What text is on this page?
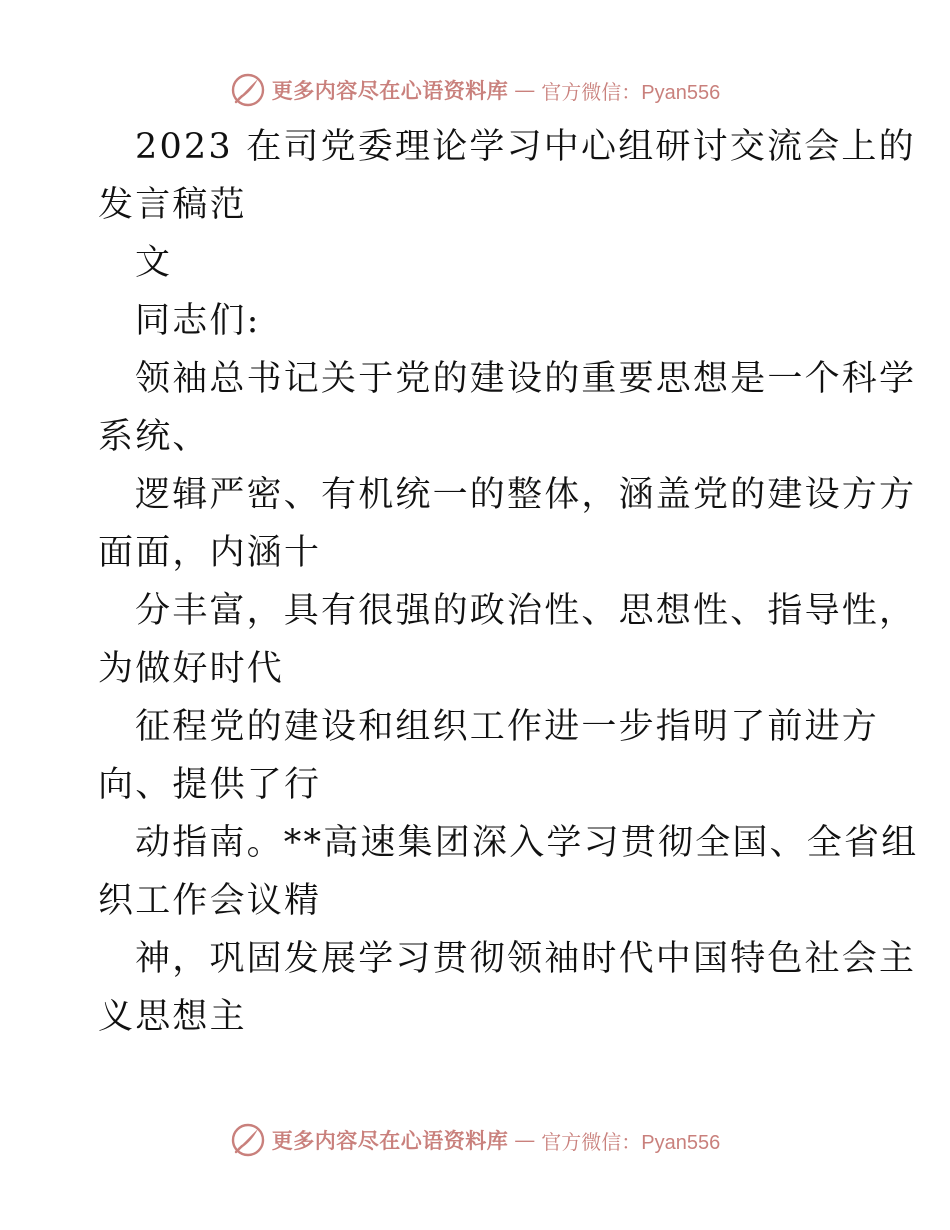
更多内容尽在心语资料库 — 官方微信：Pyan556
2023 在司党委理论学习中心组研讨交流会上的
发言稿范
文
同志们:
领袖总书记关于党的建设的重要思想是一个科学
系统、
逻辑严密、有机统一的整体，涵盖党的建设方方
面面，内涵十
分丰富，具有很强的政治性、思想性、指导性，
为做好时代
征程党的建设和组织工作进一步指明了前进方
向、提供了行
动指南。**高速集团深入学习贯彻全国、全省组
织工作会议精
神，巩固发展学习贯彻领袖时代中国特色社会主
义思想主
更多内容尽在心语资料库 — 官方微信：Pyan556
